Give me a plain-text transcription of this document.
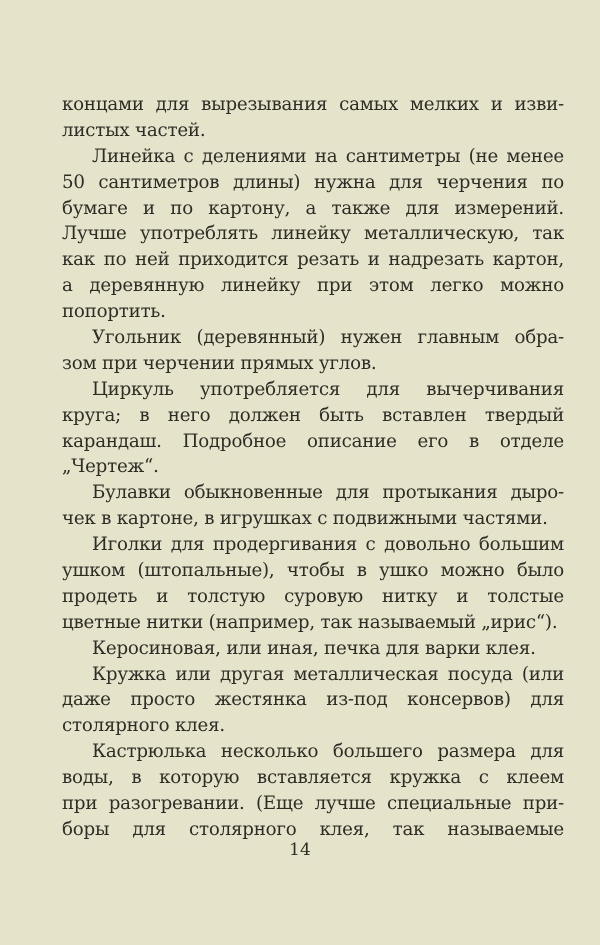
концами для вырезывания самых мелких и изви-
листых частей.
Линейка с делениями на сантиметры (не менее
50 сантиметров длины) нужна для черчения по
бумаге и по картону, а также для измерений.
Лучше употреблять линейку металлическую, так
как по ней приходится резать и надрезать картон,
а деревянную линейку при этом легко можно
попортить.
Угольник (деревянный) нужен главным обра-
зом при черчении прямых углов.
Циркуль употребляется для вычерчивания
круга; в него должен быть вставлен твердый
карандаш. Подробное описание его в отделе
„Чертеж“.
Булавки обыкновенные для протыкания дыро-
чек в картоне, в игрушках с подвижными частями.
Иголки для продергивания с довольно большим
ушком (штопальные), чтобы в ушко можно было
продеть и толстую суровую нитку и толстые
цветные нитки (например, так называемый „ирис“).
Керосиновая, или иная, печка для варки клея.
Кружка или другая металлическая посуда (или
даже просто жестянка из-под консервов) для
столярного клея.
Кастрюлька несколько большего размера для
воды, в которую вставляется кружка с клеем
при разогревании. (Еще лучше специальные при-
боры для столярного клея, так называемые
14
